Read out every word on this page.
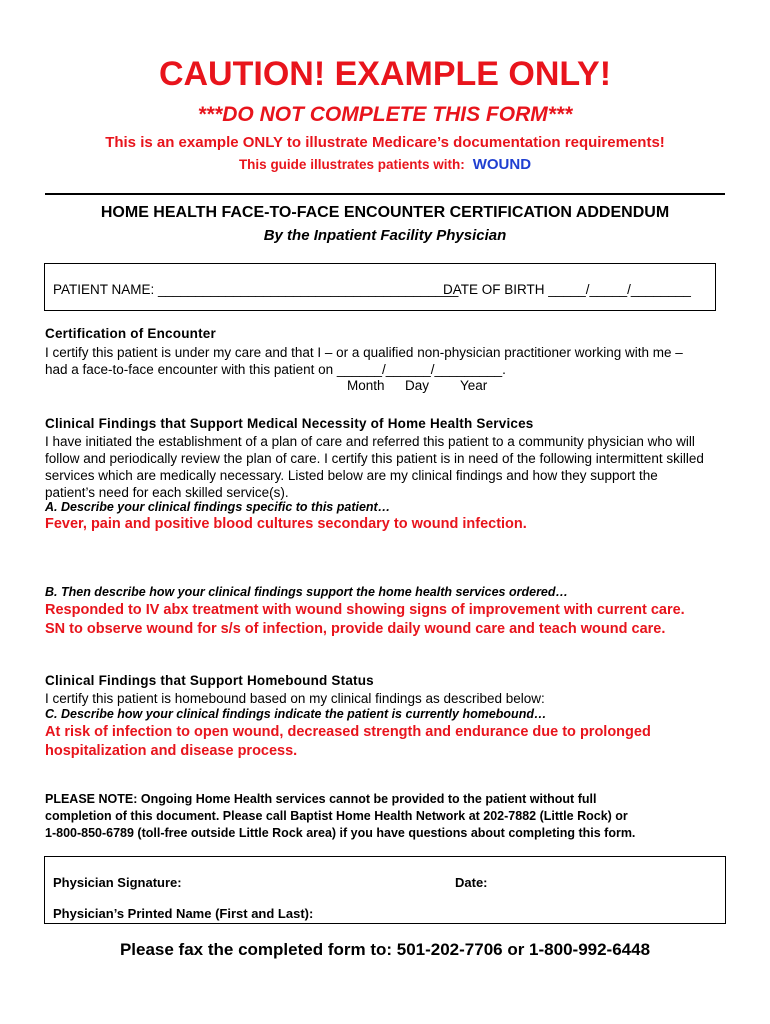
CAUTION! EXAMPLE ONLY!
***DO NOT COMPLETE THIS FORM***
This is an example ONLY to illustrate Medicare’s documentation requirements!
This guide illustrates patients with: WOUND
HOME HEALTH FACE-TO-FACE ENCOUNTER CERTIFICATION ADDENDUM
By the Inpatient Facility Physician
PATIENT NAME: ________________________________________
DATE OF BIRTH _____/_____/________
Certification of Encounter
I certify this patient is under my care and that I – or a qualified non-physician practitioner working with me –
had a face-to-face encounter with this patient on ______/______/_________.
Month Day Year
Clinical Findings that Support Medical Necessity of Home Health Services
I have initiated the establishment of a plan of care and referred this patient to a community physician who will
follow and periodically review the plan of care. I certify this patient is in need of the following intermittent skilled
services which are medically necessary. Listed below are my clinical findings and how they support the
patient’s need for each skilled service(s).
A. Describe your clinical findings specific to this patient…
Fever, pain and positive blood cultures secondary to wound infection.
B. Then describe how your clinical findings support the home health services ordered…
Responded to IV abx treatment with wound showing signs of improvement with current care.
SN to observe wound for s/s of infection, provide daily wound care and teach wound care.
Clinical Findings that Support Homebound Status
I certify this patient is homebound based on my clinical findings as described below:
C. Describe how your clinical findings indicate the patient is currently homebound…
At risk of infection to open wound, decreased strength and endurance due to prolonged
hospitalization and disease process.
PLEASE NOTE: Ongoing Home Health services cannot be provided to the patient without full
completion of this document. Please call Baptist Home Health Network at 202-7882 (Little Rock) or
1-800-850-6789 (toll-free outside Little Rock area) if you have questions about completing this form.
Physician Signature:	Date:
Physician’s Printed Name (First and Last):
Please fax the completed form to: 501-202-7706 or 1-800-992-6448
